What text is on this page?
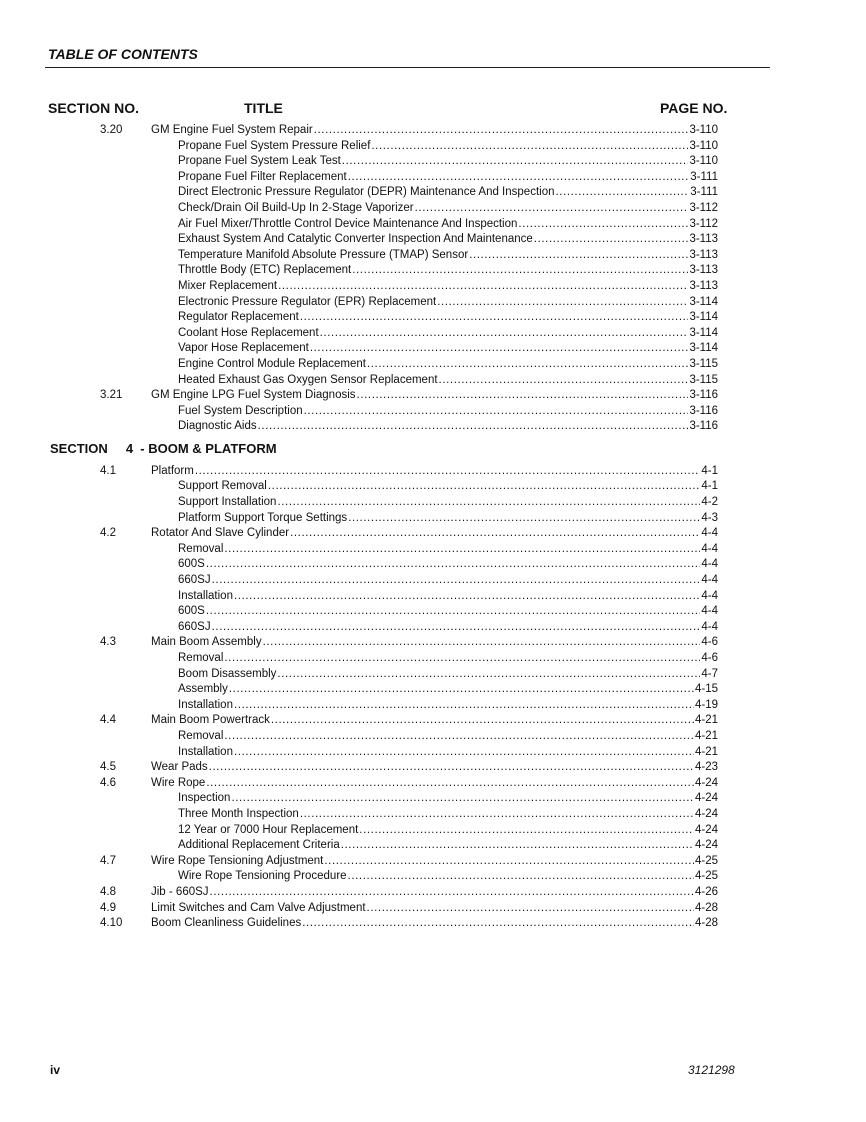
TABLE OF CONTENTS
SECTION NO.	TITLE	PAGE NO.
3.20 GM Engine Fuel System Repair . . .	3-110
Propane Fuel System Pressure Relief . . .	3-110
Propane Fuel System Leak Test . . .	3-110
Propane Fuel Filter Replacement . . .	3-111
Direct Electronic Pressure Regulator (DEPR) Maintenance And Inspection . . .	3-111
Check/Drain Oil Build-Up In 2-Stage Vaporizer . . .	3-112
Air Fuel Mixer/Throttle Control Device Maintenance And Inspection . . .	3-112
Exhaust System And Catalytic Converter Inspection And Maintenance . . .	3-113
Temperature Manifold Absolute Pressure (TMAP) Sensor . . .	3-113
Throttle Body (ETC) Replacement . . .	3-113
Mixer Replacement . . .	3-113
Electronic Pressure Regulator (EPR) Replacement . . .	3-114
Regulator Replacement . . .	3-114
Coolant Hose Replacement . . .	3-114
Vapor Hose Replacement . . .	3-114
Engine Control Module Replacement . . .	3-115
Heated Exhaust Gas Oxygen Sensor Replacement . . .	3-115
3.21 GM Engine LPG Fuel System Diagnosis . . .	3-116
Fuel System Description . . .	3-116
Diagnostic Aids . . .	3-116
SECTION     4  - BOOM & PLATFORM
4.1	Platform . . .	4-1
Support Removal . . .	4-1
Support Installation . . .	4-2
Platform Support Torque Settings . . .	4-3
4.2	Rotator And Slave Cylinder . . .	4-4
Removal . . .	4-4
600S . . .	4-4
660SJ . . .	4-4
Installation . . .	4-4
600S . . .	4-4
660SJ . . .	4-4
4.3	Main Boom Assembly . . .	4-6
Removal . . .	4-6
Boom Disassembly . . .	4-7
Assembly . . .	4-15
Installation . . .	4-19
4.4	Main Boom Powertrack . . .	4-21
Removal . . .	4-21
Installation . . .	4-21
4.5	Wear Pads . . .	4-23
4.6	Wire Rope . . .	4-24
Inspection . . .	4-24
Three Month Inspection . . .	4-24
12 Year or 7000 Hour Replacement . . .	4-24
Additional Replacement Criteria . . .	4-24
4.7	Wire Rope Tensioning Adjustment . . .	4-25
Wire Rope Tensioning Procedure . . .	4-25
4.8	Jib - 660SJ . . .	4-26
4.9	Limit Switches and Cam Valve Adjustment . . .	4-28
4.10 Boom Cleanliness Guidelines . . .	4-28
iv	3121298
